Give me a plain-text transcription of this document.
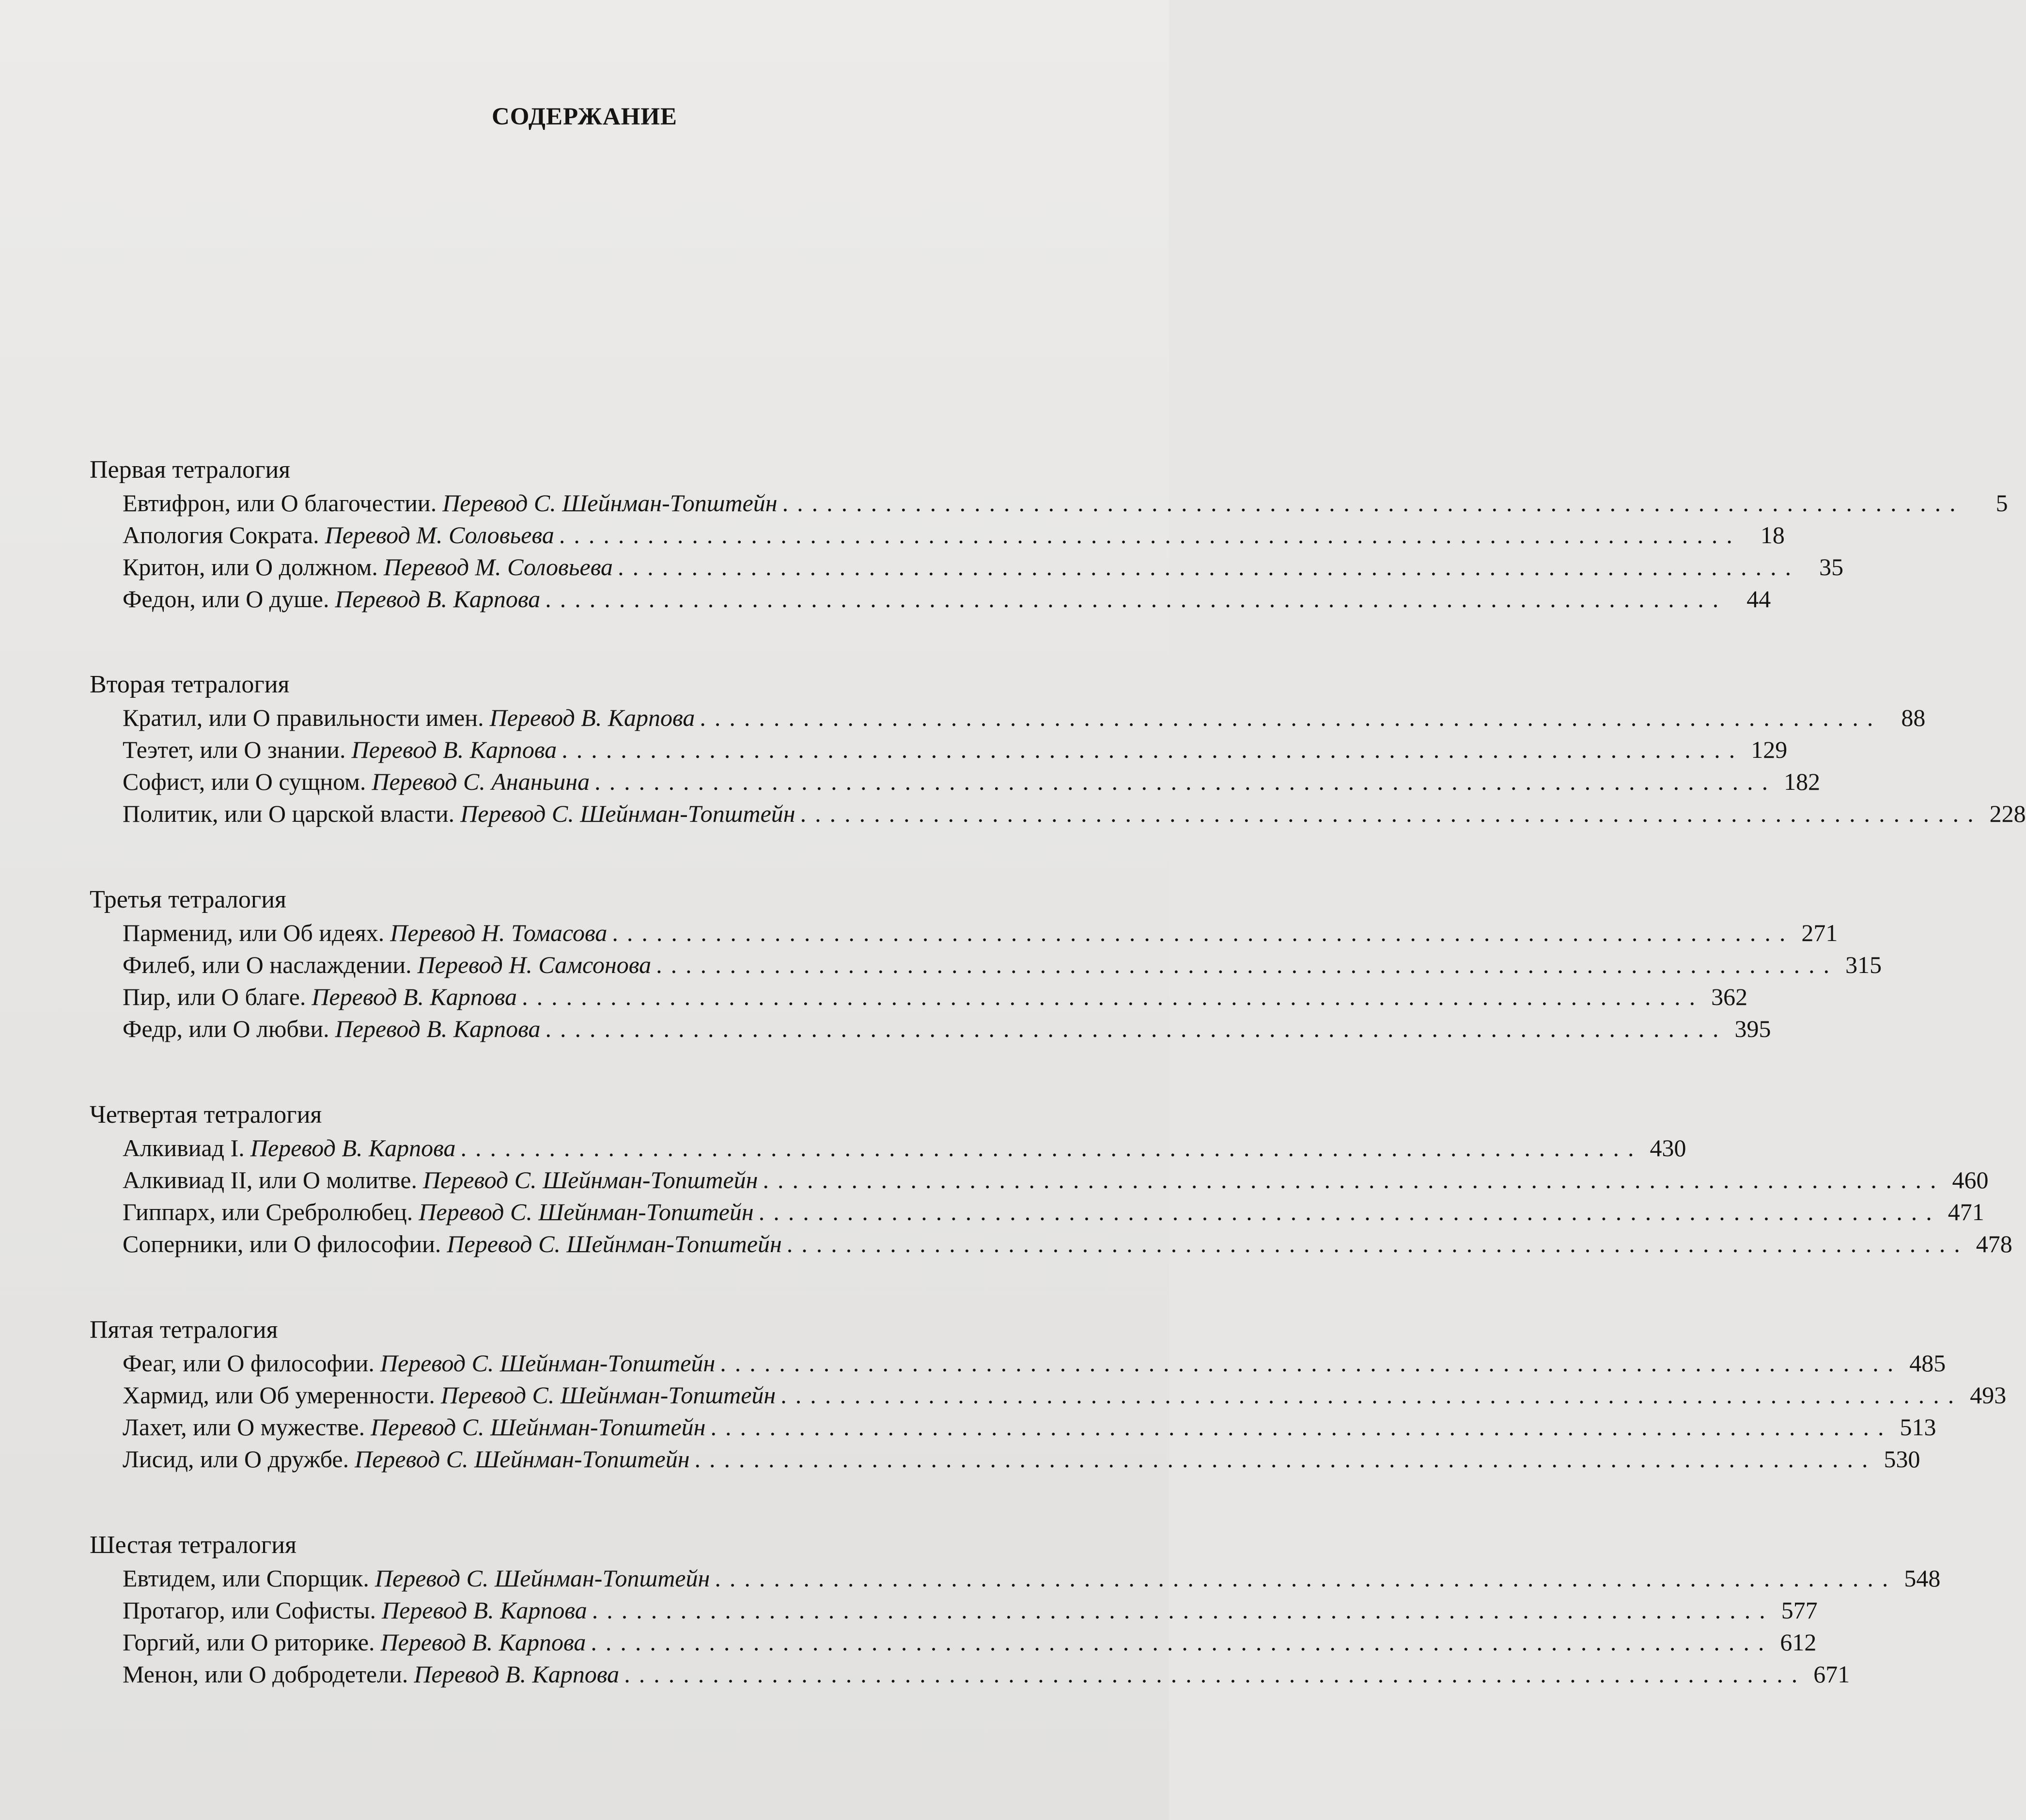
СОДЕРЖАНИЕ
Первая тетралогия
Евтифрон, или О благочестии. Перевод С. Шейнман-Топштейн ................................................................................	5
Апология Сократа. Перевод М. Соловьева ................................................................................ 18
Критон, или О должном. Перевод М. Соловьева ................................................................................ 35
Федон, или О душе. Перевод В. Карпова ................................................................................ 44
Вторая тетралогия
Кратил, или О правильности имен. Перевод В. Карпова ................................................................................ 88
Теэтет, или О знании. Перевод В. Карпова ................................................................................ 129
Софист, или О сущном. Перевод С. Ананьина ................................................................................ 182
Политик, или О царской власти. Перевод С. Шейнман-Топштейн ................................................................................ 228
Третья тетралогия
Парменид, или Об идеях. Перевод Н. Томасова ................................................................................ 271
Филеб, или О наслаждении. Перевод Н. Самсонова ................................................................................ 315
Пир, или О благе. Перевод В. Карпова ................................................................................ 362
Федр, или О любви. Перевод В. Карпова ................................................................................ 395
Четвертая тетралогия
Алкивиад I. Перевод В. Карпова ................................................................................ 430
Алкивиад II, или О молитве. Перевод С. Шейнман-Топштейн ................................................................................ 460
Гиппарх, или Сребролюбец. Перевод С. Шейнман-Топштейн ................................................................................ 471
Соперники, или О философии. Перевод С. Шейнман-Топштейн ................................................................................ 478
Пятая тетралогия
Феаг, или О философии. Перевод С. Шейнман-Топштейн ................................................................................ 485
Хармид, или Об умеренности. Перевод С. Шейнман-Топштейн ................................................................................ 493
Лахет, или О мужестве. Перевод С. Шейнман-Топштейн ................................................................................ 513
Лисид, или О дружбе. Перевод С. Шейнман-Топштейн ................................................................................ 530
Шестая тетралогия
Евтидем, или Спорщик. Перевод С. Шейнман-Топштейн ................................................................................ 548
Протагор, или Софисты. Перевод В. Карпова ................................................................................ 577
Горгий, или О риторике. Перевод В. Карпова ................................................................................ 612
Менон, или О добродетели. Перевод В. Карпова ................................................................................ 671
